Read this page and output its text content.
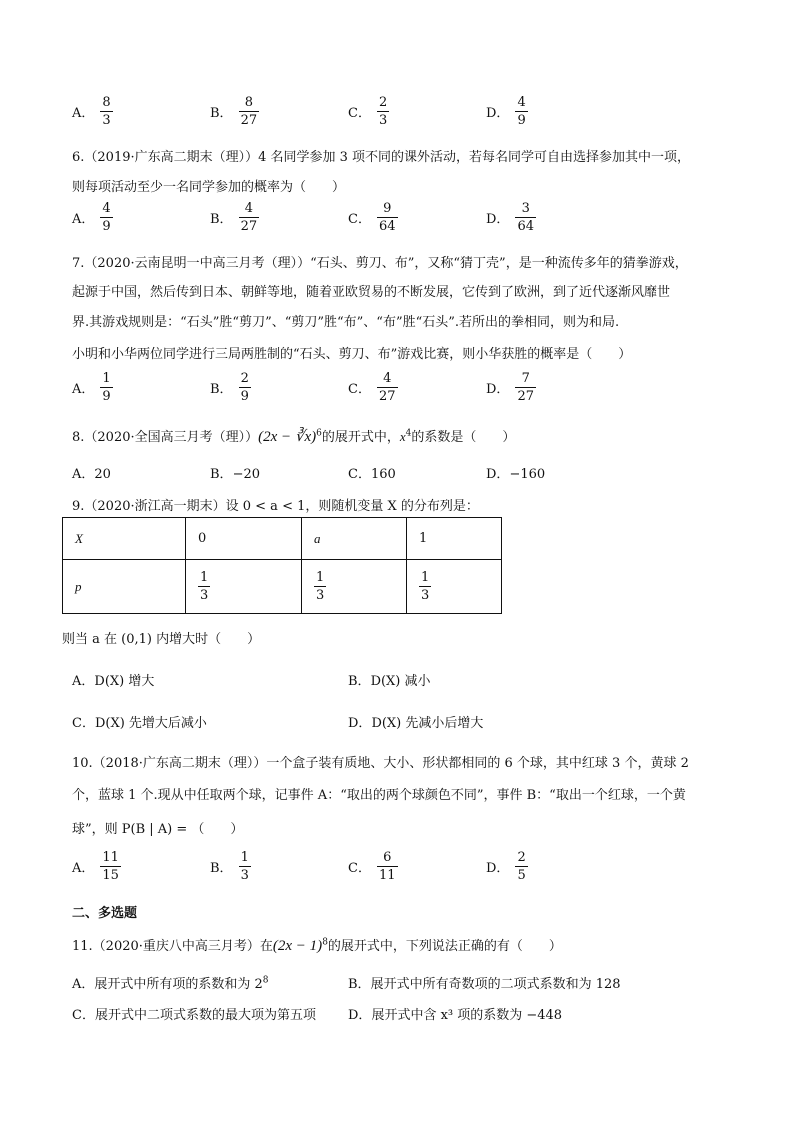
A． $\frac{8}{3}$	B． $\frac{8}{27}$	C． $\frac{2}{3}$	D． $\frac{4}{9}$
6.（2019·广东高二期末（理））4 名同学参加 3 项不同的课外活动，若每名同学可自由选择参加其中一项，
则每项活动至少一名同学参加的概率为（　　）
A． $\frac{4}{9}$	B． $\frac{4}{27}$	C． $\frac{9}{64}$	D． $\frac{3}{64}$
7.（2020·云南昆明一中高三月考（理））“石头、剪刀、布”，又称“猜丁壳”，是一种流传多年的猜拳游戏，
起源于中国，然后传到日本、朝鲜等地，随着亚欧贸易的不断发展，它传到了欧洲，到了近代逐渐风靡世
界.其游戏规则是：“石头”胜“剪刀”、“剪刀”胜“布”、“布”胜“石头”.若所出的拳相同，则为和局.
小明和小华两位同学进行三局两胜制的“石头、剪刀、布”游戏比赛，则小华获胜的概率是（　　）
A． $\frac{1}{9}$	B． $\frac{2}{9}$	C． $\frac{4}{27}$	D． $\frac{7}{27}$
8.（2020·全国高三月考（理））(2x − ∛x)$^6$的展开式中，$x^4$的系数是（　　）
A．20	B．−20	C．160	D．−160
9.（2020·浙江高一期末）设 0 < a < 1，则随机变量 X 的分布列是：
X	0	a	1
p	$\frac{1}{3}$	$\frac{1}{3}$	$\frac{1}{3}$
则当 a 在 (0,1) 内增大时（　　）
A．D(X) 增大	B．D(X) 减小
C．D(X) 先增大后减小	D．D(X) 先减小后增大
10.（2018·广东高二期末（理））一个盒子装有质地、大小、形状都相同的 6 个球，其中红球 3 个，黄球 2
个，蓝球 1 个.现从中任取两个球，记事件 A：“取出的两个球颜色不同”，事件 B：“取出一个红球，一个黄
球”，则 P(B | A) = （　　）
A． $\frac{11}{15}$	B． $\frac{1}{3}$	C． $\frac{6}{11}$	D． $\frac{2}{5}$
二、多选题
11.（2020·重庆八中高三月考）在$(2x - 1)^8$的展开式中，下列说法正确的有（　　）
A．展开式中所有项的系数和为 $2^8$	B．展开式中所有奇数项的二项式系数和为 128
C．展开式中二项式系数的最大项为第五项 D．展开式中含 x³ 项的系数为 −448
